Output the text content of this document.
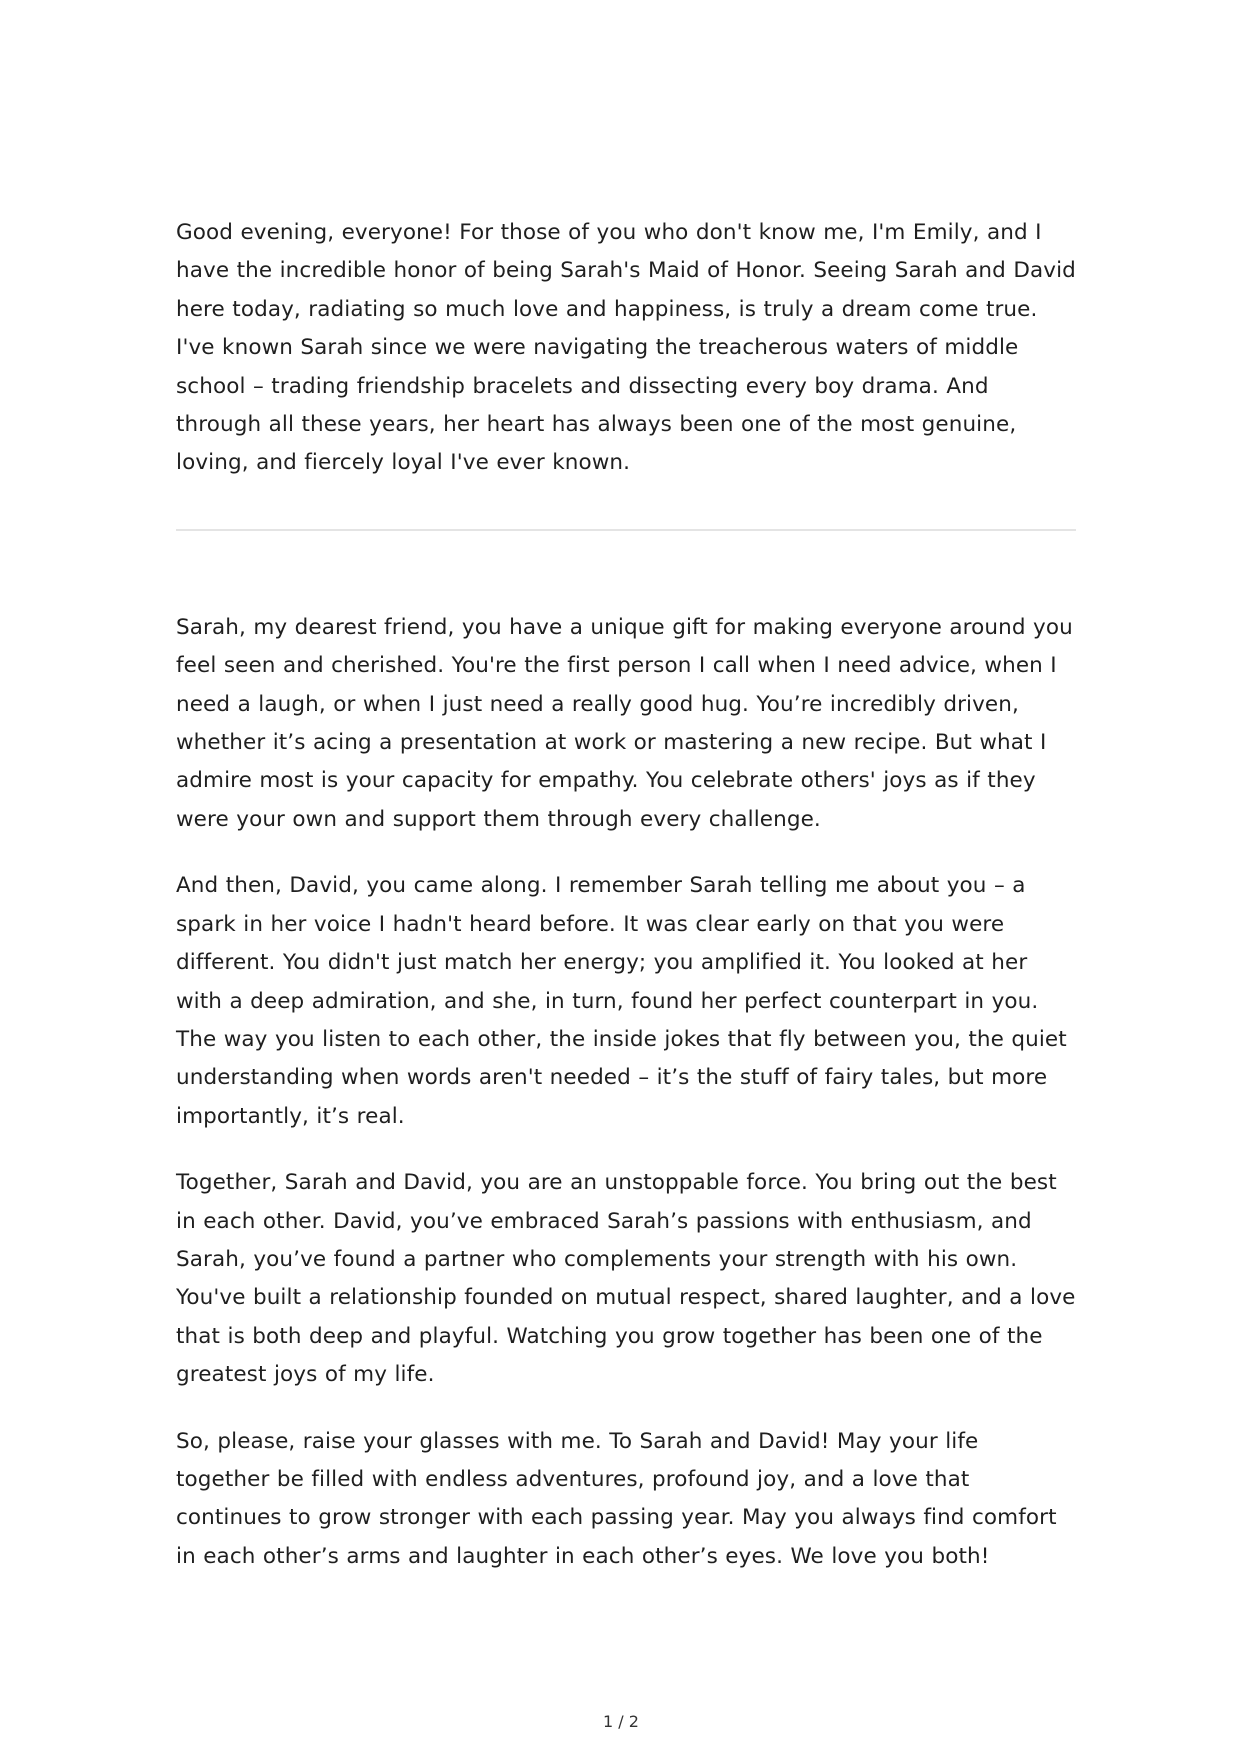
Good evening, everyone! For those of you who don't know me, I'm Emily, and I have the incredible honor of being Sarah's Maid of Honor. Seeing Sarah and David here today, radiating so much love and happiness, is truly a dream come true. I've known Sarah since we were navigating the treacherous waters of middle school – trading friendship bracelets and dissecting every boy drama. And through all these years, her heart has always been one of the most genuine, loving, and fiercely loyal I've ever known.

Sarah, my dearest friend, you have a unique gift for making everyone around you feel seen and cherished. You're the first person I call when I need advice, when I need a laugh, or when I just need a really good hug. You’re incredibly driven, whether it’s acing a presentation at work or mastering a new recipe. But what I admire most is your capacity for empathy. You celebrate others' joys as if they were your own and support them through every challenge.

And then, David, you came along. I remember Sarah telling me about you – a spark in her voice I hadn't heard before. It was clear early on that you were different. You didn't just match her energy; you amplified it. You looked at her with a deep admiration, and she, in turn, found her perfect counterpart in you. The way you listen to each other, the inside jokes that fly between you, the quiet understanding when words aren't needed – it’s the stuff of fairy tales, but more importantly, it’s real.

Together, Sarah and David, you are an unstoppable force. You bring out the best in each other. David, you’ve embraced Sarah’s passions with enthusiasm, and Sarah, you’ve found a partner who complements your strength with his own. You've built a relationship founded on mutual respect, shared laughter, and a love that is both deep and playful. Watching you grow together has been one of the greatest joys of my life.

So, please, raise your glasses with me. To Sarah and David! May your life together be filled with endless adventures, profound joy, and a love that continues to grow stronger with each passing year. May you always find comfort in each other’s arms and laughter in each other’s eyes. We love you both!

1 / 2
